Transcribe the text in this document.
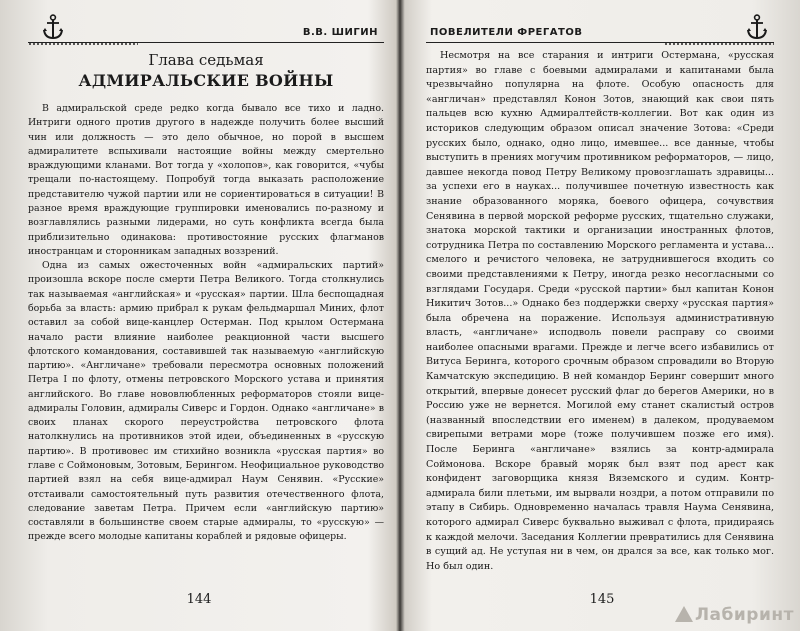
В.В. ШИГИН
Глава седьмая
АДМИРАЛЬСКИЕ ВОЙНЫ

В адмиральской среде редко когда бывало все тихо и ладно. Интриги одного против другого в надежде получить более высший чин или должность — это дело обычное, но порой в высшем адмиралитете вспыхивали настоящие войны между смертельно враждующими кланами. Вот тогда у «холопов», как говорится, «чубы трещали по-настоящему. Попробуй тогда выказать расположение представителю чужой партии или не сориентироваться в ситуации! В разное время враждующие группировки именовались по-разному и возглавлялись разными лидерами, но суть конфликта всегда была приблизительно одинакова: противостояние русских флагманов иностранцам и сторонникам западных воззрений.

Одна из самых ожесточенных войн «адмиральских партий» произошла вскоре после смерти Петра Великого. Тогда столкнулись так называемая «английская» и «русская» партии. Шла беспощадная борьба за власть: армию прибрал к рукам фельдмаршал Миних, флот оставил за собой вице-канцлер Остерман. Под крылом Остермана начало расти влияние наиболее реакционной части высшего флотского командования, составившей так называемую «английскую партию». «Англичане» требовали пересмотра основных положений Петра I по флоту, отмены петровского Морского устава и принятия английского. Во главе нововлюбленных реформаторов стояли вице-адмиралы Головин, адмиралы Сиверс и Гордон. Однако «англичане» в своих планах скорого переустройства петровского флота натолкнулись на противников этой идеи, объединенных в «русскую партию». В противовес им стихийно возникла «русская партия» во главе с Соймоновым, Зотовым, Берингом. Неофициальное руководство партией взял на себя вице-адмирал Наум Сенявин. «Русские» отстаивали самостоятельный путь развития отечественного флота, следование заветам Петра. Причем если «английскую партию» составляли в большинстве своем старые адмиралы, то «русскую» — прежде всего молодые капитаны кораблей и рядовые офицеры.

144
ПОВЕЛИТЕЛИ ФРЕГАТОВ

Несмотря на все старания и интриги Остермана, «русская партия» во главе с боевыми адмиралами и капитанами была чрезвычайно популярна на флоте. Особую опасность для «англичан» представлял Конон Зотов, знающий как свои пять пальцев всю кухню Адмиралтейств-коллегии. Вот как один из историков следующим образом описал значение Зотова: «Среди русских было, однако, одно лицо, имевшее... все данные, чтобы выступить в прениях могучим противником реформаторов, — лицо, давшее некогда повод Петру Великому провозглашать здравицы... за успехи его в науках... получившее почетную известность как знание образованного моряка, боевого офицера, сочувствия Сенявина в первой морской реформе русских, тщательно служаки, знатока морской тактики и организации иностранных флотов, сотрудника Петра по составлению Морского регламента и устава... смелого и речистого человека, не затруднившегося входить со своими представлениями к Петру, иногда резко несогласными со взглядами Государя. Среди «русской партии» был капитан Конон Никитич Зотов...» Однако без поддержки сверху «русская партия» была обречена на поражение. Используя административную власть, «англичане» исподволь повели расправу со своими наиболее опасными врагами. Прежде и легче всего избавились от Витуса Беринга, которого срочным образом спровадили во Вторую Камчатскую экспедицию. В ней командор Беринг совершит много открытий, впервые донесет русский флаг до берегов Америки, но в Россию уже не вернется. Могилой ему станет скалистый остров (названный впоследствии его именем) в далеком, продуваемом свирепыми ветрами море (тоже получившем позже его имя). После Беринга «англичане» взялись за контр-адмирала Соймонова. Вскоре бравый моряк был взят под арест как конфидент заговорщика князя Вяземского и судим. Контр-адмирала били плетьми, им вырвали ноздри, а потом отправили по этапу в Сибирь. Одновременно началась травля Наума Сенявина, которого адмирал Сиверс буквально выживал с флота, придираясь к каждой мелочи. Заседания Коллегии превратились для Сенявина в сущий ад. Не уступая ни в чем, он дрался за все, как только мог. Но был один.

145
Лабиринт
